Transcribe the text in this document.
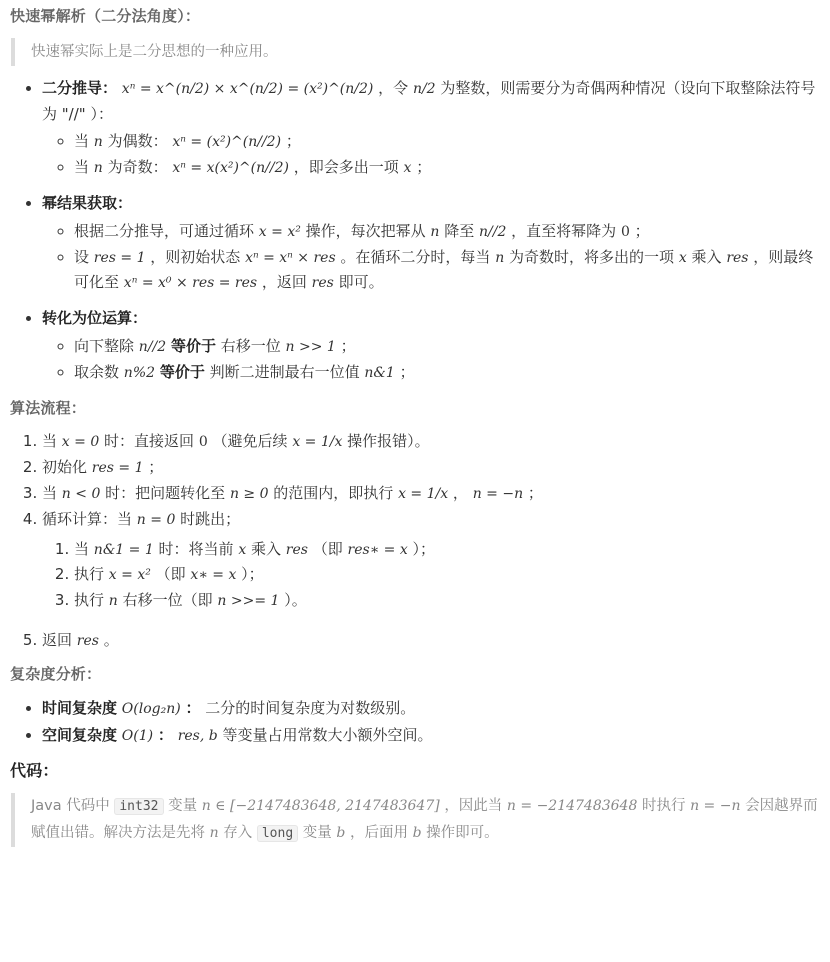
快速幂解析（二分法角度）：
快速幂实际上是二分思想的一种应用。
• 二分推导： xⁿ = x^(n/2) × x^(n/2) = (x²)^(n/2) ，令 n/2 为整数，则需要分为奇偶两种情况（设向下取整除法符号为 "//" ）：
◦ 当 n 为偶数： xⁿ = (x²)^(n//2) ；
◦ 当 n 为奇数： xⁿ = x(x²)^(n//2) ，即会多出一项 x ；
• 幂结果获取：
◦ 根据二分推导，可通过循环 x = x² 操作，每次把幂从 n 降至 n//2 ，直至将幂降为 0 ；
◦ 设 res = 1 ，则初始状态 xⁿ = xⁿ × res 。在循环二分时，每当 n 为奇数时，将多出的一项 x 乘入 res ，则最终可化至 xⁿ = x⁰ × res = res ，返回 res 即可。
• 转化为位运算：
◦ 向下整除 n//2 等价于 右移一位 n >> 1 ；
◦ 取余数 n%2 等价于 判断二进制最右一位值 n&1 ；
算法流程：
1. 当 x = 0 时：直接返回 0 （避免后续 x = 1/x 操作报错）。
2. 初始化 res = 1 ；
3. 当 n < 0 时：把问题转化至 n ≥ 0 的范围内，即执行 x = 1/x ， n = −n ；
4. 循环计算：当 n = 0 时跳出；
1. 当 n&1 = 1 时：将当前 x 乘入 res （即 res∗ = x ）；
2. 执行 x = x² （即 x∗ = x ）；
3. 执行 n 右移一位（即 n >>= 1 ）。
5. 返回 res 。
复杂度分析：
• 时间复杂度 O(log₂n) ： 二分的时间复杂度为对数级别。
• 空间复杂度 O(1) ： res, b 等变量占用常数大小额外空间。
代码：
Java 代码中 int32 变量 n ∈ [−2147483648, 2147483647] ，因此当 n = −2147483648 时执行 n = −n 会因越界而赋值出错。解决方法是先将 n 存入 long 变量 b ，后面用 b 操作即可。
